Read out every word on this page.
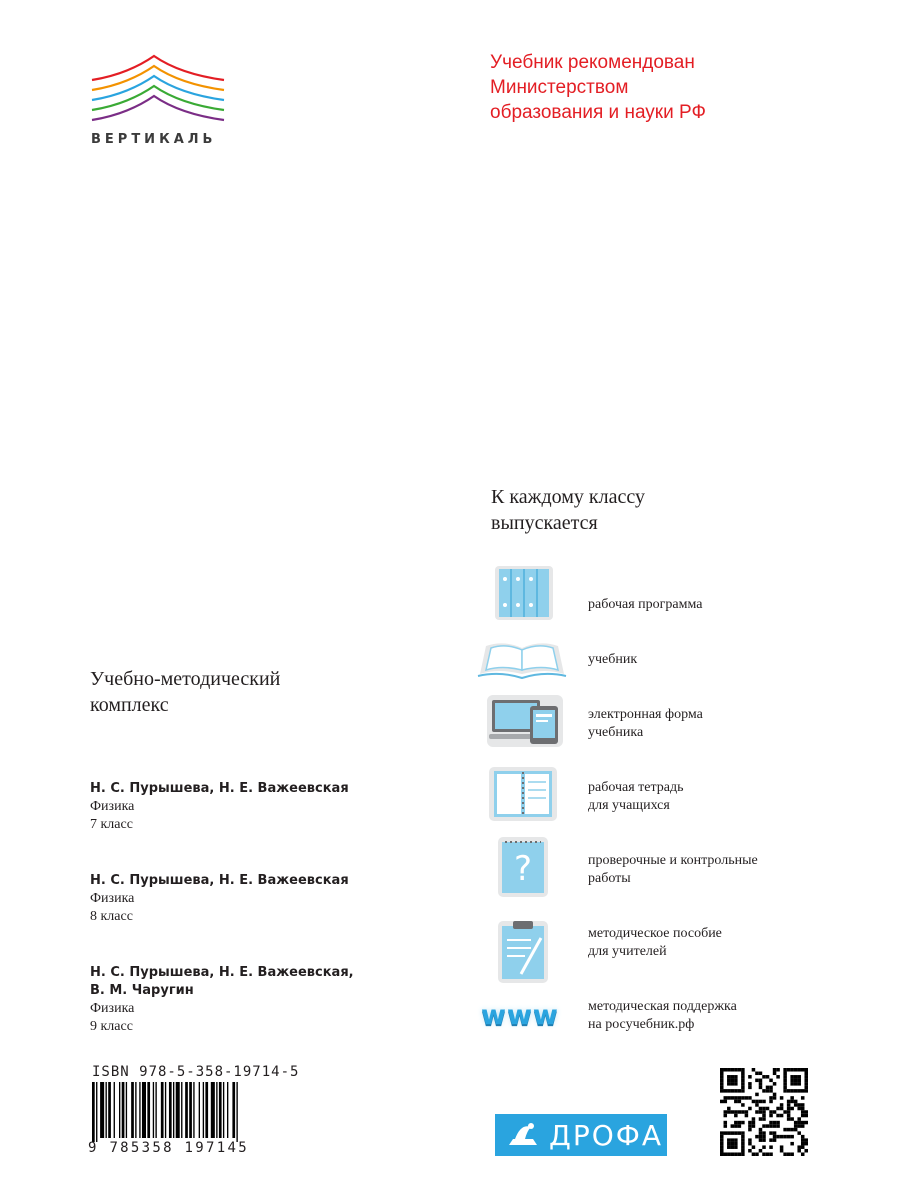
ВЕРТИКАЛЬ
Учебник рекомендован
Министерством
образования и науки РФ
К каждому классу
выпускается
Учебно-методический
комплекс
Н. С. Пурышева, Н. Е. Важеевская
Физика
7 класс
Н. С. Пурышева, Н. Е. Важеевская
Физика
8 класс
Н. С. Пурышева, Н. Е. Важеевская,
В. М. Чаругин
Физика
9 класс
рабочая программа
учебник
электронная форма
учебника
рабочая тетрадь
для учащихся
?	проверочные и контрольные
работы
методическое пособие
для учителей
www	методическая поддержка
на росучебник.рф
ISBN 978-5-358-19714-5
9 785358 197145	ДРОФА
